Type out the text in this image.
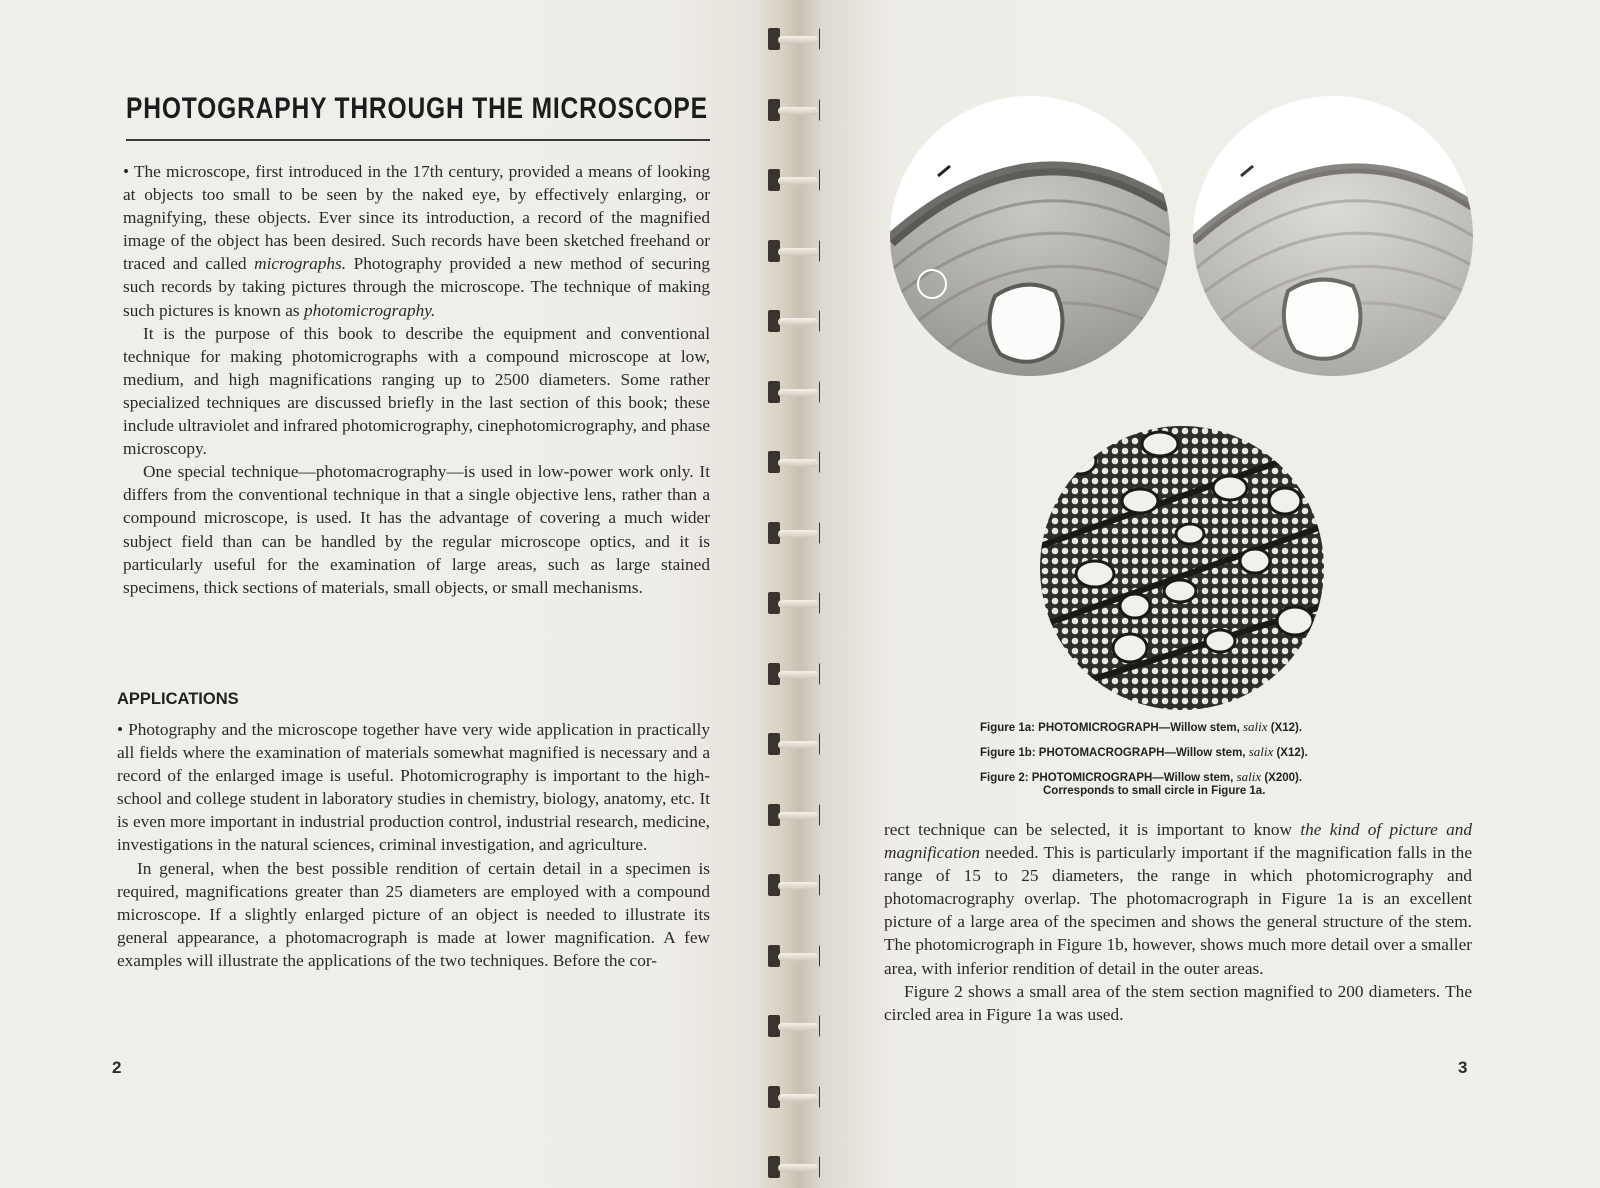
PHOTOGRAPHY THROUGH THE MICROSCOPE

• The microscope, first introduced in the 17th century, provided a means of looking at objects too small to be seen by the naked eye, by effectively enlarging, or magnifying, these objects. Ever since its introduction, a record of the magnified image of the object has been desired. Such records have been sketched freehand or traced and called micrographs. Photography provided a new method of securing such records by taking pictures through the microscope. The technique of making such pictures is known as photomicrography.

It is the purpose of this book to describe the equipment and conventional technique for making photomicrographs with a compound microscope at low, medium, and high magnifications ranging up to 2500 diameters. Some rather specialized techniques are discussed briefly in the last section of this book; these include ultraviolet and infrared photomicrography, cinephotomicrography, and phase microscopy.

One special technique—photomacrography—is used in low-power work only. It differs from the conventional technique in that a single objective lens, rather than a compound microscope, is used. It has the advantage of covering a much wider subject field than can be handled by the regular microscope optics, and it is particularly useful for the examination of large areas, such as large stained specimens, thick sections of materials, small objects, or small mechanisms.

APPLICATIONS

• Photography and the microscope together have very wide application in practically all fields where the examination of materials somewhat magnified is necessary and a record of the enlarged image is useful. Photomicrography is important to the high-school and college student in laboratory studies in chemistry, biology, anatomy, etc. It is even more important in industrial production control, industrial research, medicine, investigations in the natural sciences, criminal investigation, and agriculture.

In general, when the best possible rendition of certain detail in a specimen is required, magnifications greater than 25 diameters are employed with a compound microscope. If a slightly enlarged picture of an object is needed to illustrate its general appearance, a photomacrograph is made at lower magnification. A few examples will illustrate the applications of the two techniques. Before the cor-

2

Figure 1a: PHOTOMICROGRAPH—Willow stem, salix (X12).
Figure 1b: PHOTOMACROGRAPH—Willow stem, salix (X12).
Figure 2: PHOTOMICROGRAPH—Willow stem, salix (X200).
Corresponds to small circle in Figure 1a.

rect technique can be selected, it is important to know the kind of picture and magnification needed. This is particularly important if the magnification falls in the range of 15 to 25 diameters, the range in which photomicrography and photomacrography overlap. The photomacrograph in Figure 1a is an excellent picture of a large area of the specimen and shows the general structure of the stem. The photomicrograph in Figure 1b, however, shows much more detail over a smaller area, with inferior rendition of detail in the outer areas.

Figure 2 shows a small area of the stem section magnified to 200 diameters. The circled area in Figure 1a was used.

3
